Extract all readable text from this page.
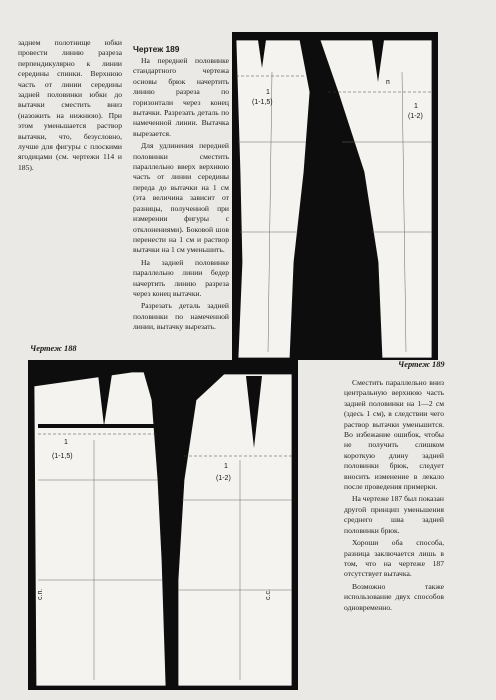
заднем полотнище юбки провести линию разреза перпендикулярно к линии середины спинки. Верхнюю часть от линии середины задней половинки юбки до вытачки сместить вниз (назожить на нижнюю). При этом уменьшается раствор вытачки, что, безусловно, лучше для фигуры с плоскими ягодицами (см. чертежи 114 и 185).

Чертеж 189

На передней половинке стандартного чертежа основы брюк начертить линию разреза по горизонтали через конец вытачки. Разрезать деталь по намеченной линии. Вытачка вырезается.

Для удлинения передней половинки сместить параллельно вверх верхнюю часть от линии середины переда до вытачки на 1 см (эта величина зависит от разницы, полученной при измерении фигуры с отклонениями). Боковой шов перенести на 1 см и раствор вытачки на 1 см уменьшить.

На задней половинке параллельно линии бедер начертить линию разреза через конец вытачки.

Разрезать деталь задней половинки по намеченной линии, вытачку вырезать.

Сместить параллельно вниз центральную верхнюю часть задней половинки на 1—2 см (здесь 1 см), в следствии чего раствор вытачки уменьшится. Во избежание ошибок, чтобы не получить слишком короткую длину задней половинки брюк, следует вносить изменение в лекало после проведения примерки.

На чертеже 187 был показан другой принцип уменьшения среднего шва задней половинки брюк.

Хороши оба способа, разница заключается лишь в том, что на чертеже 187 отсутствует вытачка.

Возможно также использование двух способов одновременно.

Чертеж 188
Чертеж 189
1
(1-1,5)
п
1
(1-2)
1
(1-1,5)
п
1
(1-2)
с.п.	с.с.
